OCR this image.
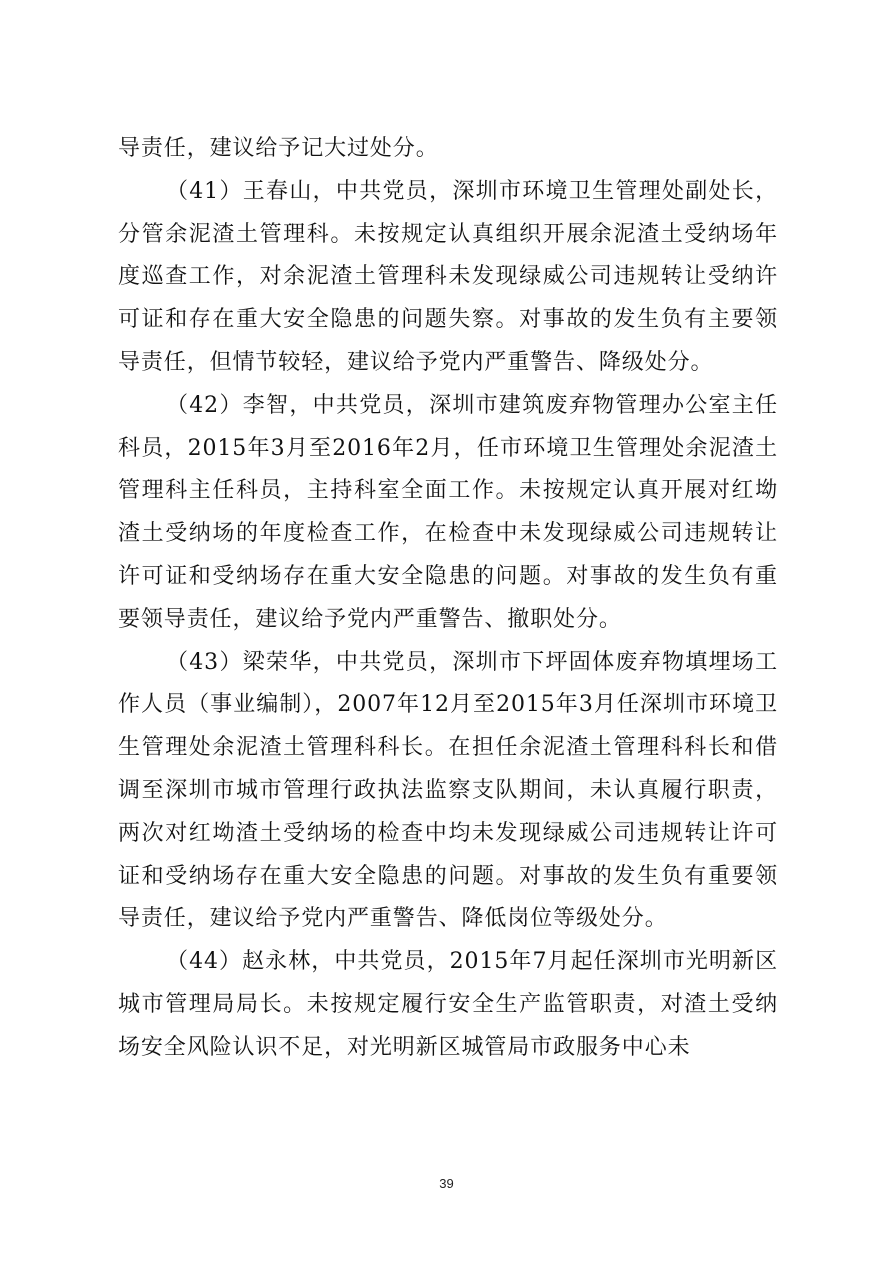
导责任，建议给予记大过处分。

（41）王春山，中共党员，深圳市环境卫生管理处副处长，分管余泥渣土管理科。未按规定认真组织开展余泥渣土受纳场年度巡查工作，对余泥渣土管理科未发现绿威公司违规转让受纳许可证和存在重大安全隐患的问题失察。对事故的发生负有主要领导责任，但情节较轻，建议给予党内严重警告、降级处分。

（42）李智，中共党员，深圳市建筑废弃物管理办公室主任科员，2015年3月至2016年2月，任市环境卫生管理处余泥渣土管理科主任科员，主持科室全面工作。未按规定认真开展对红坳渣土受纳场的年度检查工作，在检查中未发现绿威公司违规转让许可证和受纳场存在重大安全隐患的问题。对事故的发生负有重要领导责任，建议给予党内严重警告、撤职处分。

（43）梁荣华，中共党员，深圳市下坪固体废弃物填埋场工作人员（事业编制），2007年12月至2015年3月任深圳市环境卫生管理处余泥渣土管理科科长。在担任余泥渣土管理科科长和借调至深圳市城市管理行政执法监察支队期间，未认真履行职责，两次对红坳渣土受纳场的检查中均未发现绿威公司违规转让许可证和受纳场存在重大安全隐患的问题。对事故的发生负有重要领导责任，建议给予党内严重警告、降低岗位等级处分。

（44）赵永林，中共党员，2015年7月起任深圳市光明新区城市管理局局长。未按规定履行安全生产监管职责，对渣土受纳场安全风险认识不足，对光明新区城管局市政服务中心未

39
